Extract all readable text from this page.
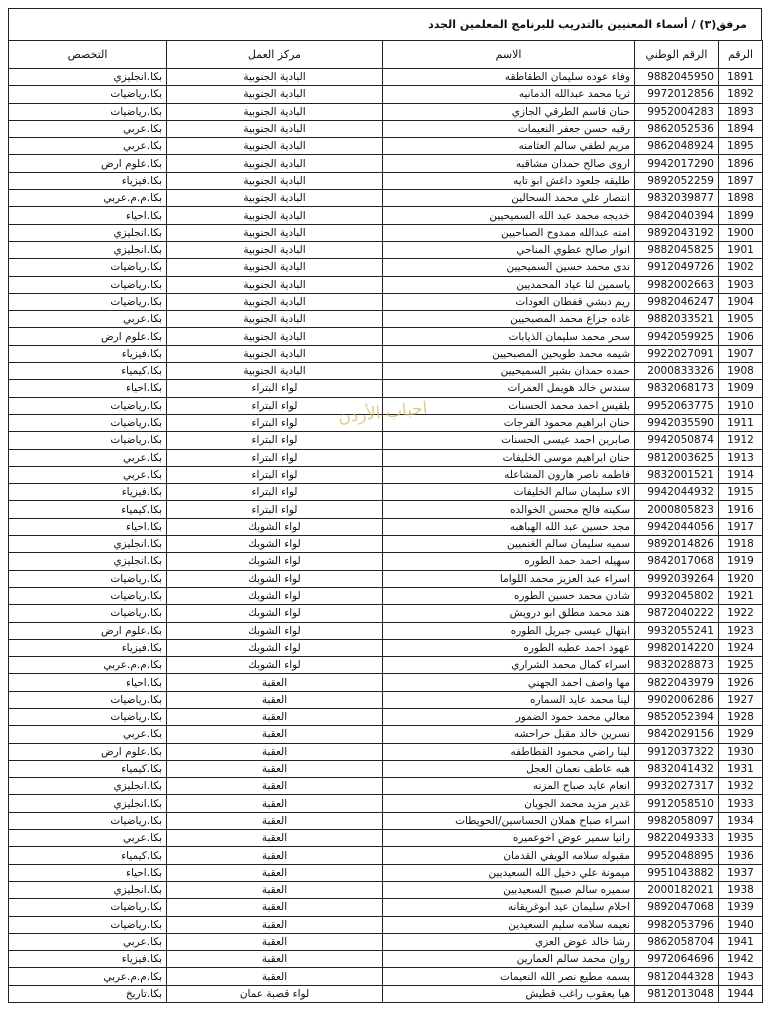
مرفق(٣) / أسماء المعنيين بالتدريب للبرنامج المعلمين الجدد
الرقم	الرقم الوطني	الاسم	مركز العمل	التخصص
1891	9882045950	وفاء عوده سليمان الطقاطقه	البادية الجنوبية	بكا.انجليزي
1892	9972012856	ثريا محمد عبدالله الدمانيه	البادية الجنوبية	بكا.رياضيات
1893	9952004283	حنان قاسم الطرقي الجازي	البادية الجنوبية	بكا.رياضيات
1894	9862052536	رقيه حسن جعفر النعيمات	البادية الجنوبية	بكا.عربي
1895	9862048924	مريم لطفي سالم العثامنه	البادية الجنوبية	بكا.عربي
1896	9942017290	اروى صالح حمدان مشاقبه	البادية الجنوبية	بكا.علوم ارض
1897	9892052259	طليقه جلعود داغش ابو تايه	البادية الجنوبية	بكا.فيزياء
1898	9832039877	انتصار علي محمد السحالين	البادية الجنوبية	بكا.م.م.عربي
1899	9842040394	خديجه محمد عبد الله السميحيين	البادية الجنوبية	بكا.احياء
1900	9892043192	امنه عبدالله ممدوح الصباحيين	البادية الجنوبية	بكا.انجليزي
1901	9882045825	انوار صالح عطوي المناحي	البادية الجنوبية	بكا.انجليزي
1902	9912049726	ندى محمد حسين السميحيين	البادية الجنوبية	بكا.رياضيات
1903	9982002663	ياسمين لنا عياد المحمديين	البادية الجنوبية	بكا.رياضيات
1904	9982046247	ريم دبشي قفطان العودات	البادية الجنوبية	بكا.رياضيات
1905	9882033521	غاده جزاع محمد المصبحيين	البادية الجنوبية	بكا.عربي
1906	9942059925	سحر محمد سليمان الذيابات	البادية الجنوبية	بكا.علوم ارض
1907	9922027091	شيمه محمد طويحين المصبحيين	البادية الجنوبية	بكا.فيزياء
1908	2000833326	حمده حمدان بشير السميحيين	البادية الجنوبية	بكا.كيمياء
1909	9832068173	سندس خالد هويمل العمرات	لواء البتراء	بكا.احياء
1910	9952063775	بلقيس احمد محمد الحسنات	لواء البتراء	بكا.رياضيات
1911	9942035590	حنان ابراهيم محمود الفرجات	لواء البتراء	بكا.رياضيات
1912	9942050874	صابرين احمد عيسى الحسنات	لواء البتراء	بكا.رياضيات
1913	9812003625	حنان ابراهيم موسى الخليفات	لواء البتراء	بكا.عربي
1914	9832001521	فاطمه ناصر هارون المشاعله	لواء البتراء	بكا.عربي
1915	9942044932	الاء سليمان سالم الخليفات	لواء البتراء	بكا.فيزياء
1916	2000805823	سكينه فالح محسن الخوالده	لواء البتراء	بكا.كيمياء
1917	9942044056	مجد حسين عبد الله الهباهبه	لواء الشوبك	بكا.احياء
1918	9892014826	سميه سليمان سالم الغنميين	لواء الشوبك	بكا.انجليزي
1919	9842017068	سهيله احمد حمد الطوره	لواء الشوبك	بكا.انجليزي
1920	9992039264	اسراء عبد العزيز محمد اللواما	لواء الشوبك	بكا.رياضيات
1921	9932045802	شادن محمد حسين الطوره	لواء الشوبك	بكا.رياضيات
1922	9872040222	هند محمد مطلق ابو درويش	لواء الشوبك	بكا.رياضيات
1923	9932055241	ابتهال عيسى جبريل الطوره	لواء الشوبك	بكا.علوم ارض
1924	9982014220	عهود احمد عطيه الطوره	لواء الشوبك	بكا.فيزياء
1925	9832028873	اسراء كمال محمد الشراري	لواء الشوبك	بكا.م.م.عربي
1926	9822043979	مها واصف احمد الجهني	العقبة	بكا.احياء
1927	9902006286	لينا محمد عايد السماره	العقبة	بكا.رياضيات
1928	9852052394	معالي محمد حمود الضمور	العقبة	بكا.رياضيات
1929	9842029156	نسرين خالد مقبل حراحشه	العقبة	بكا.عربي
1930	9912037322	لينا راضي محمود القطاطفه	العقبة	بكا.علوم ارض
1931	9832041432	هبه عاطف نعمان العجل	العقبة	بكا.كيمياء
1932	9932027317	انعام عايد صباح المزنه	العقبة	بكا.انجليزي
1933	9912058510	غدير مزيد محمد الجويان	العقبة	بكا.انجليزي
1934	9982058097	اسراء صباح هملان الحساسين/الحويطات	العقبة	بكا.رياضيات
1935	9822049333	رانيا سمير عوض اخوعميره	العقبة	بكا.عربي
1936	9952048895	مقبوله سلامه الويفي القدمان	العقبة	بكا.كيمياء
1937	9951043882	ميمونة علي دخيل الله السعيديين	العقبة	بكا.احياء
1938	2000182021	سميره سالم صبيح السعيديين	العقبة	بكا.انجليزي
1939	9892047068	احلام سليمان عيد ابوغريقانه	العقبة	بكا.رياضيات
1940	9982053796	نعيمه سلامه سليم السعيدين	العقبة	بكا.رياضيات
1941	9862058704	رشا خالد عوض العزي	العقبة	بكا.عربي
1942	9972064696	روان محمد سالم العمارين	العقبة	بكا.فيزياء
1943	9812044328	بسمه مطيع نصر الله النعيمات	العقبة	بكا.م.م.عربي
1944	9812013048	هيا يعقوب راغب قطيش	لواء قصبة عمان	بكا.تاريخ
احباب الأردن
